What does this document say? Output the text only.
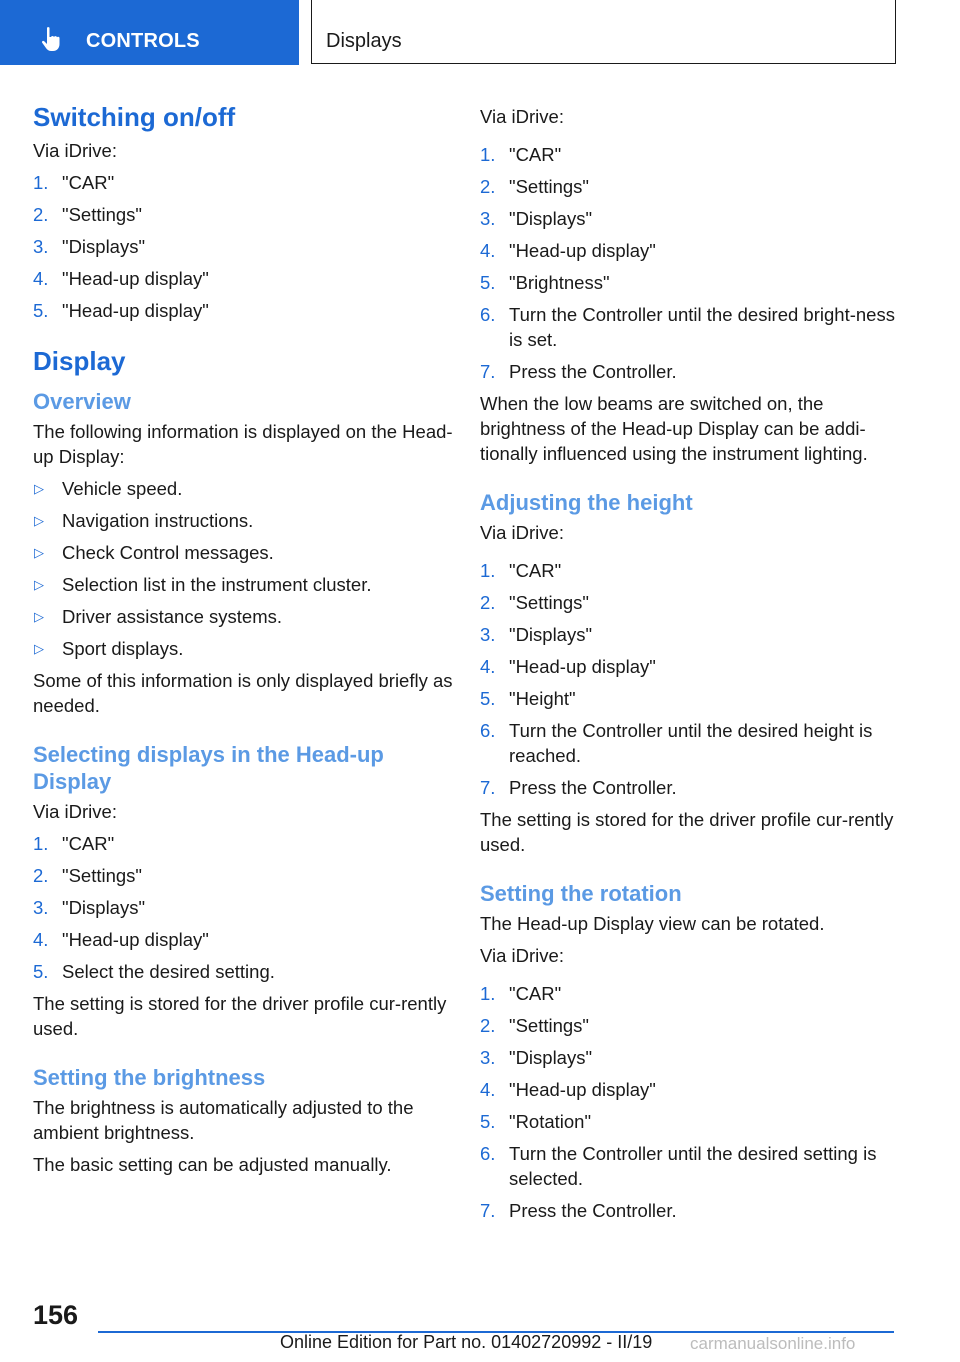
CONTROLS	Displays
Switching on/off

Via iDrive:

1. "CAR"
2. "Settings"
3. "Displays"
4. "Head-up display"
5. "Head-up display"
Display
Overview

The following information is displayed on the Head-up Display:

▷ Vehicle speed.
▷ Navigation instructions.
▷ Check Control messages.
▷ Selection list in the instrument cluster.
▷ Driver assistance systems.
▷ Sport displays.

Some of this information is only displayed briefly as needed.

Selecting displays in the Head-up Display

Via iDrive:

1. "CAR"
2. "Settings"
3. "Displays"
4. "Head-up display"
5. Select the desired setting.

The setting is stored for the driver profile cur-rently used.

Setting the brightness

The brightness is automatically adjusted to the ambient brightness.

The basic setting can be adjusted manually.

Via iDrive:

1. "CAR"
2. "Settings"
3. "Displays"
4. "Head-up display"
5. "Brightness"
6. Turn the Controller until the desired bright-ness is set.
7. Press the Controller.

When the low beams are switched on, the brightness of the Head-up Display can be addi-tionally influenced using the instrument lighting.

Adjusting the height

Via iDrive:

1. "CAR"
2. "Settings"
3. "Displays"
4. "Head-up display"
5. "Height"
6. Turn the Controller until the desired height is reached.
7. Press the Controller.

The setting is stored for the driver profile cur-rently used.

Setting the rotation

The Head-up Display view can be rotated.

Via iDrive:

1. "CAR"
2. "Settings"
3. "Displays"
4. "Head-up display"
5. "Rotation"
6. Turn the Controller until the desired setting is selected.
7. Press the Controller.
156
Online Edition for Part no. 01402720992 - II/19 carmanualsonline.info
